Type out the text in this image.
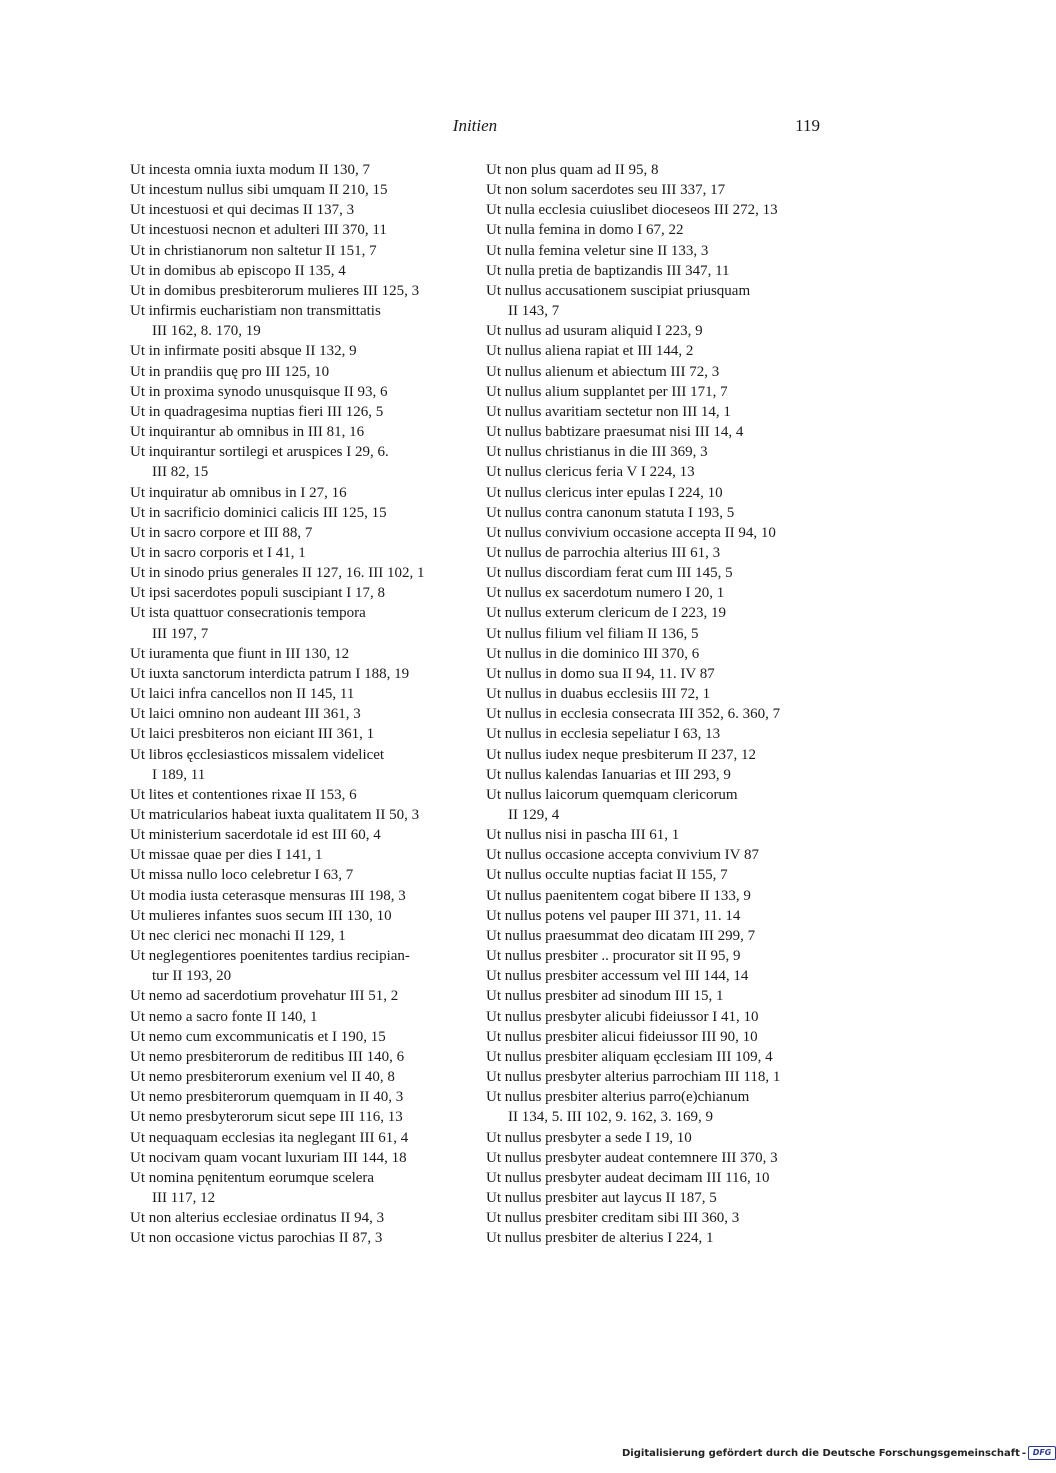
Initien	119
Ut incesta omnia iuxta modum II 130, 7
Ut incestum nullus sibi umquam II 210, 15
Ut incestuosi et qui decimas II 137, 3
Ut incestuosi necnon et adulteri III 370, 11
Ut in christianorum non saltetur II 151, 7
Ut in domibus ab episcopo II 135, 4
Ut in domibus presbiterorum mulieres III 125, 3
Ut infirmis eucharistiam non transmittatis
III 162, 8. 170, 19
Ut in infirmate positi absque II 132, 9
Ut in prandiis quę pro III 125, 10
Ut in proxima synodo unusquisque II 93, 6
Ut in quadragesima nuptias fieri III 126, 5
Ut inquirantur ab omnibus in III 81, 16
Ut inquirantur sortilegi et aruspices I 29, 6.
III 82, 15
Ut inquiratur ab omnibus in I 27, 16
Ut in sacrificio dominici calicis III 125, 15
Ut in sacro corpore et III 88, 7
Ut in sacro corporis et I 41, 1
Ut in sinodo prius generales II 127, 16. III 102, 1
Ut ipsi sacerdotes populi suscipiant I 17, 8
Ut ista quattuor consecrationis tempora
III 197, 7
Ut iuramenta que fiunt in III 130, 12
Ut iuxta sanctorum interdicta patrum I 188, 19
Ut laici infra cancellos non II 145, 11
Ut laici omnino non audeant III 361, 3
Ut laici presbiteros non eiciant III 361, 1
Ut libros ęcclesiasticos missalem videlicet
I 189, 11
Ut lites et contentiones rixae II 153, 6
Ut matricularios habeat iuxta qualitatem II 50, 3
Ut ministerium sacerdotale id est III 60, 4
Ut missae quae per dies I 141, 1
Ut missa nullo loco celebretur I 63, 7
Ut modia iusta ceterasque mensuras III 198, 3
Ut mulieres infantes suos secum III 130, 10
Ut nec clerici nec monachi II 129, 1
Ut neglegentiores poenitentes tardius recipian-
tur II 193, 20
Ut nemo ad sacerdotium provehatur III 51, 2
Ut nemo a sacro fonte II 140, 1
Ut nemo cum excommunicatis et I 190, 15
Ut nemo presbiterorum de reditibus III 140, 6
Ut nemo presbiterorum exenium vel II 40, 8
Ut nemo presbiterorum quemquam in II 40, 3
Ut nemo presbyterorum sicut sepe III 116, 13
Ut nequaquam ecclesias ita neglegant III 61, 4
Ut nocivam quam vocant luxuriam III 144, 18
Ut nomina pęnitentum eorumque scelera
III 117, 12
Ut non alterius ecclesiae ordinatus II 94, 3
Ut non occasione victus parochias II 87, 3
Ut non plus quam ad II 95, 8
Ut non solum sacerdotes seu III 337, 17
Ut nulla ecclesia cuiuslibet dioceseos III 272, 13
Ut nulla femina in domo I 67, 22
Ut nulla femina veletur sine II 133, 3
Ut nulla pretia de baptizandis III 347, 11
Ut nullus accusationem suscipiat priusquam
II 143, 7
Ut nullus ad usuram aliquid I 223, 9
Ut nullus aliena rapiat et III 144, 2
Ut nullus alienum et abiectum III 72, 3
Ut nullus alium supplantet per III 171, 7
Ut nullus avaritiam sectetur non III 14, 1
Ut nullus babtizare praesumat nisi III 14, 4
Ut nullus christianus in die III 369, 3
Ut nullus clericus feria V I 224, 13
Ut nullus clericus inter epulas I 224, 10
Ut nullus contra canonum statuta I 193, 5
Ut nullus convivium occasione accepta II 94, 10
Ut nullus de parrochia alterius III 61, 3
Ut nullus discordiam ferat cum III 145, 5
Ut nullus ex sacerdotum numero I 20, 1
Ut nullus exterum clericum de I 223, 19
Ut nullus filium vel filiam II 136, 5
Ut nullus in die dominico III 370, 6
Ut nullus in domo sua II 94, 11. IV 87
Ut nullus in duabus ecclesiis III 72, 1
Ut nullus in ecclesia consecrata III 352, 6. 360, 7
Ut nullus in ecclesia sepeliatur I 63, 13
Ut nullus iudex neque presbiterum II 237, 12
Ut nullus kalendas Ianuarias et III 293, 9
Ut nullus laicorum quemquam clericorum
II 129, 4
Ut nullus nisi in pascha III 61, 1
Ut nullus occasione accepta convivium IV 87
Ut nullus occulte nuptias faciat II 155, 7
Ut nullus paenitentem cogat bibere II 133, 9
Ut nullus potens vel pauper III 371, 11. 14
Ut nullus praesummat deo dicatam III 299, 7
Ut nullus presbiter .. procurator sit II 95, 9
Ut nullus presbiter accessum vel III 144, 14
Ut nullus presbiter ad sinodum III 15, 1
Ut nullus presbyter alicubi fideiussor I 41, 10
Ut nullus presbiter alicui fideiussor III 90, 10
Ut nullus presbiter aliquam ęcclesiam III 109, 4
Ut nullus presbyter alterius parrochiam III 118, 1
Ut nullus presbiter alterius parro(e)chianum
II 134, 5. III 102, 9. 162, 3. 169, 9
Ut nullus presbyter a sede I 19, 10
Ut nullus presbyter audeat contemnere III 370, 3
Ut nullus presbyter audeat decimam III 116, 10
Ut nullus presbiter aut laycus II 187, 5
Ut nullus presbiter creditam sibi III 360, 3
Ut nullus presbiter de alterius I 224, 1
Digitalisierung gefördert durch die Deutsche Forschungsgemeinschaft - DFG
